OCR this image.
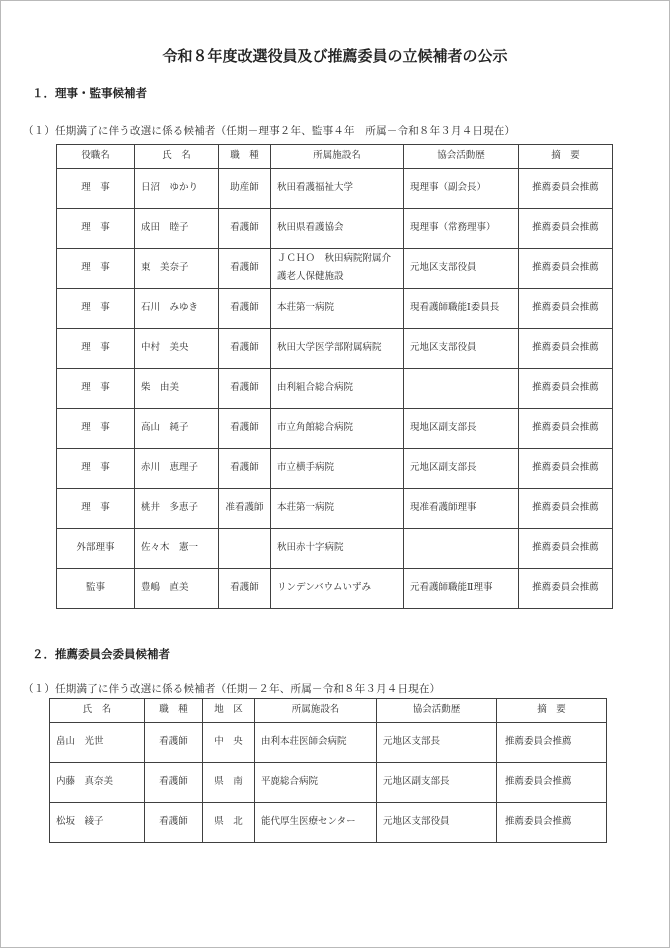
令和８年度改選役員及び推薦委員の立候補者の公示
１．理事・監事候補者
（１）任期満了に伴う改選に係る候補者（任期－理事２年、監事４年　所属－令和８年３月４日現在）
役職名	氏　名	職　種	所属施設名	協会活動歴	摘　要
理　事	日沼　ゆかり	助産師	秋田看護福祉大学	現理事（副会長）	推薦委員会推薦
理　事	成田　睦子	看護師	秋田県看護協会	現理事（常務理事）	推薦委員会推薦
理　事	東　美奈子	看護師	ＪＣＨＯ　秋田病院附属介護老人保健施設	元地区支部役員	推薦委員会推薦
理　事	石川　みゆき	看護師	本荘第一病院	現看護師職能Ⅰ委員長	推薦委員会推薦
理　事	中村　美央	看護師	秋田大学医学部附属病院	元地区支部役員	推薦委員会推薦
理　事	柴　由美	看護師	由利組合総合病院		推薦委員会推薦
理　事	高山　純子	看護師	市立角館総合病院	現地区副支部長	推薦委員会推薦
理　事	赤川　恵理子	看護師	市立横手病院	元地区副支部長	推薦委員会推薦
理　事	桃井　多恵子	准看護師	本荘第一病院	現准看護師理事	推薦委員会推薦
外部理事	佐々木　憲一		秋田赤十字病院		推薦委員会推薦
監事	豊嶋　直美	看護師	リンデンバウムいずみ	元看護師職能Ⅱ理事	推薦委員会推薦
２．推薦委員会委員候補者
（１）任期満了に伴う改選に係る候補者（任期－２年、所属－令和８年３月４日現在）
氏　名	職　種	地　区	所属施設名	協会活動歴	摘　要
畠山　光世	看護師	中　央	由利本荘医師会病院	元地区支部長	推薦委員会推薦
内藤　真奈美	看護師	県　南	平鹿総合病院	元地区副支部長	推薦委員会推薦
松坂　綾子	看護師	県　北	能代厚生医療センター	元地区支部役員	推薦委員会推薦
